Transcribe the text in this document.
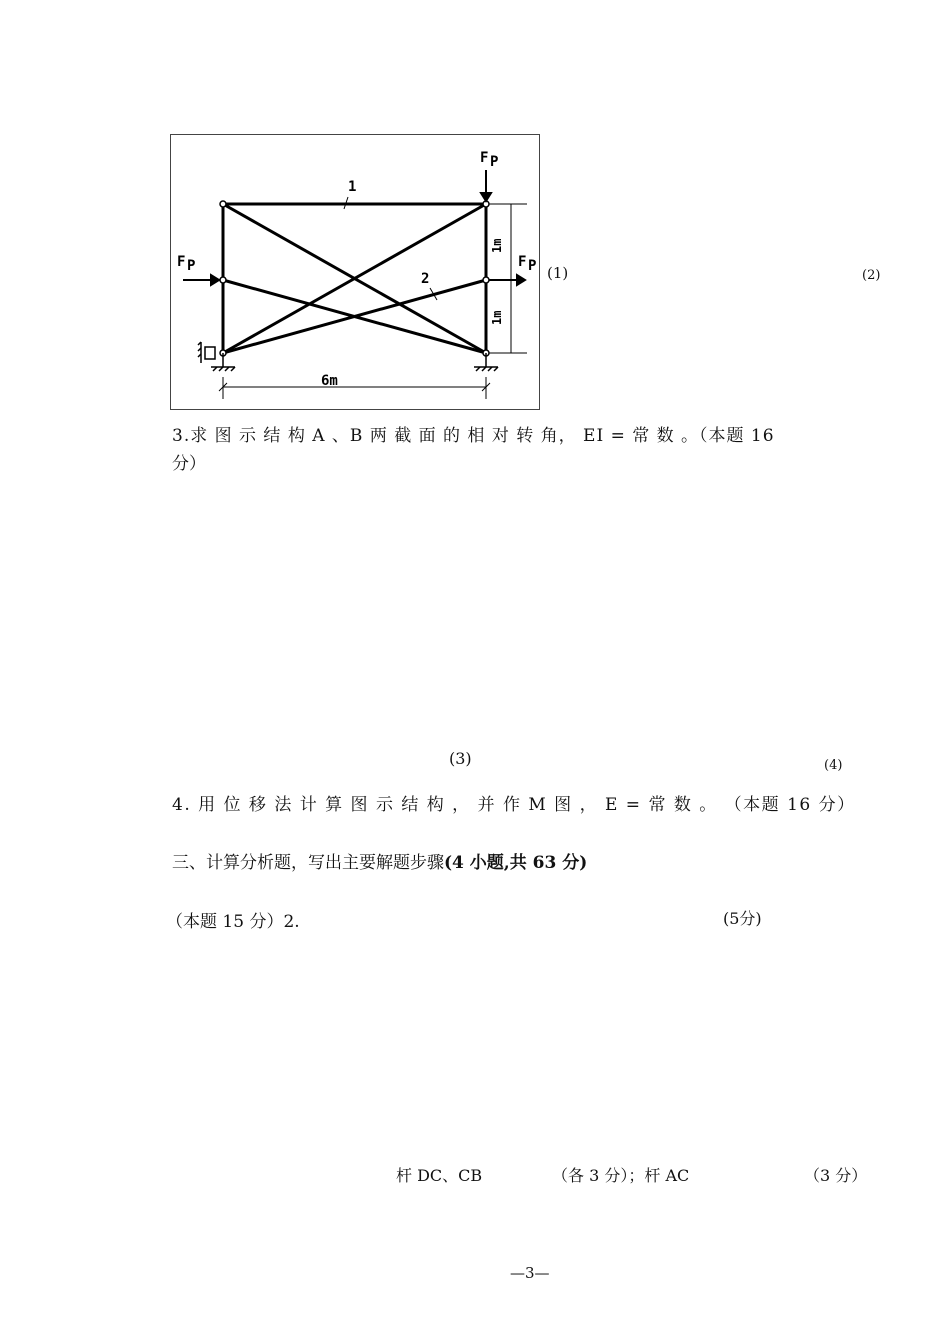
F P
F P	F P
1
2
6m
1m
1m
(1)	(2)
3.求 图 示 结 构 A 、B 两 截 面 的 相 对 转 角， EI = 常 数 。（本题 16
分）
(3)	(4)
4. 用 位 移 法 计 算 图 示 结 构 ， 并 作 M 图 ， E = 常 数 。 （本题 16 分）
三、计算分析题，写出主要解题步骤(4 小题,共 63 分)
（本题 15 分）2.	(5分)
杆 DC、CB	（各 3 分）；杆 AC	（3 分）
—3—
